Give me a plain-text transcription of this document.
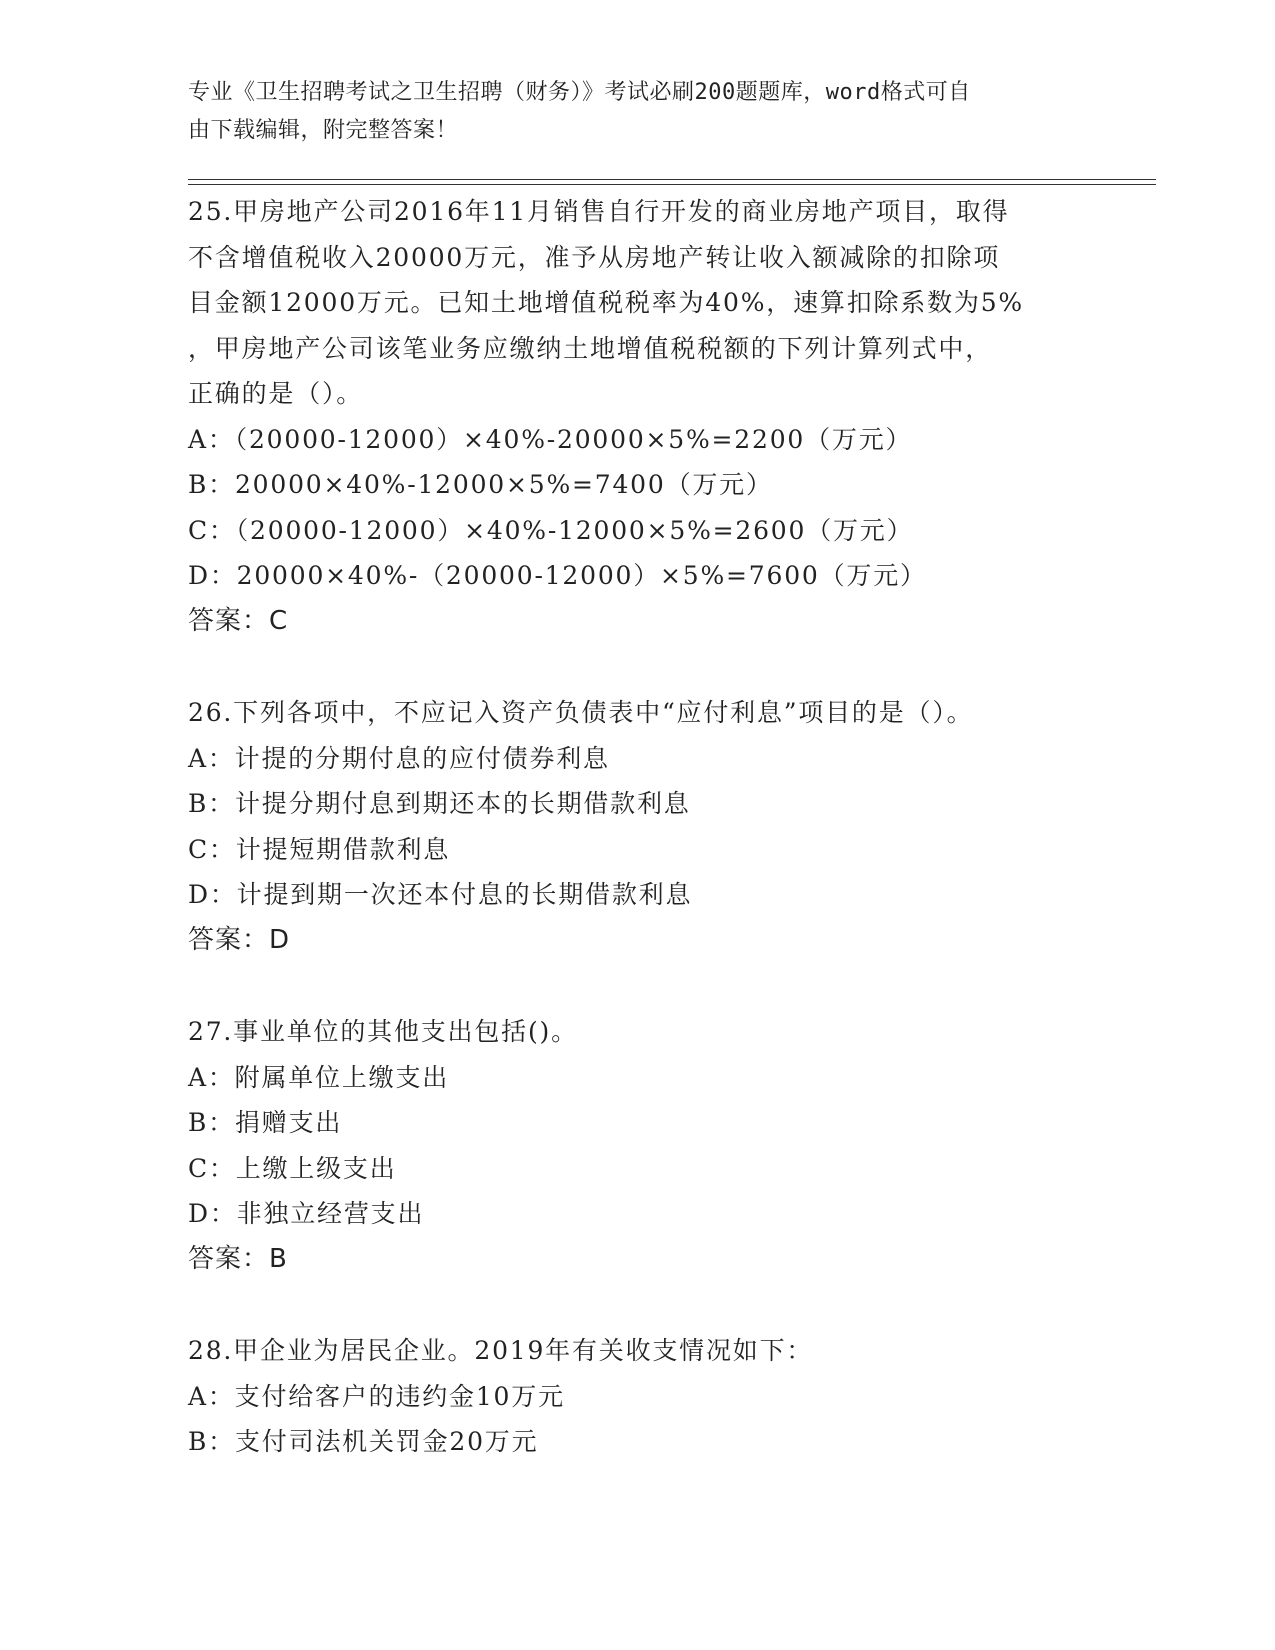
专业《卫生招聘考试之卫生招聘（财务）》考试必刷200题题库，word格式可自
由下载编辑，附完整答案！
25.甲房地产公司2016年11月销售自行开发的商业房地产项目，取得
不含增值税收入20000万元，准予从房地产转让收入额减除的扣除项
目金额12000万元。已知土地增值税税率为40%，速算扣除系数为5%
，甲房地产公司该笔业务应缴纳土地增值税税额的下列计算列式中，
正确的是（）。
A：（20000-12000）×40%-20000×5%=2200（万元）
B：20000×40%-12000×5%=7400（万元）
C：（20000-12000）×40%-12000×5%=2600（万元）
D：20000×40%-（20000-12000）×5%=7600（万元）
答案：C
26.下列各项中，不应记入资产负债表中“应付利息”项目的是（）。
A：计提的分期付息的应付债券利息
B：计提分期付息到期还本的长期借款利息
C：计提短期借款利息
D：计提到期一次还本付息的长期借款利息
答案：D
27.事业单位的其他支出包括()。
A：附属单位上缴支出
B：捐赠支出
C：上缴上级支出
D：非独立经营支出
答案：B
28.甲企业为居民企业。2019年有关收支情况如下：
A：支付给客户的违约金10万元
B：支付司法机关罚金20万元
